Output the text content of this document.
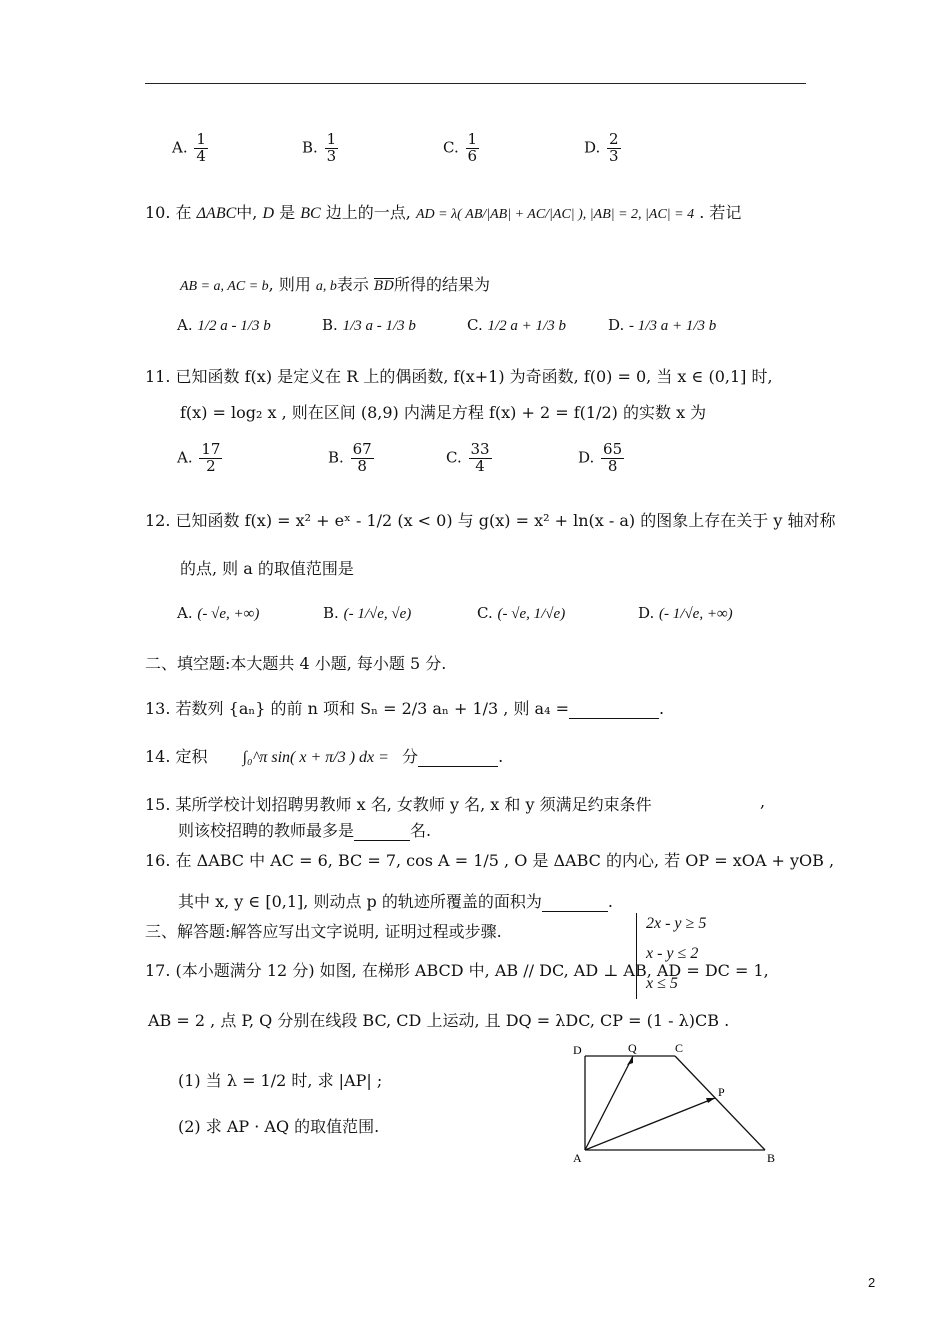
A. $\frac{1}{4}$	B. $\frac{1}{3}$	C. $\frac{1}{6}$	D. $\frac{2}{3}$
10. 在 ΔABC中, D 是 BC 边上的一点, AD = λ( AB/|AB| + AC/|AC| ), |AB| = 2, |AC| = 4 . 若记
AB = a, AC = b, 则用 a, b表示 BD所得的结果为
A. 1/2 a - 1/3 b	B. 1/3 a - 1/3 b	C. 1/2 a + 1/3 b	D. - 1/3 a + 1/3 b
11. 已知函数 f(x) 是定义在 R 上的偶函数, f(x+1) 为奇函数, f(0) = 0, 当 x ∈ (0,1] 时,
f(x) = log₂ x , 则在区间 (8,9) 内满足方程 f(x) + 2 = f(1/2) 的实数 x 为
A. $\frac{17}{2}$	B. $\frac{67}{8}$	C. $\frac{33}{4}$	D. $\frac{65}{8}$
12. 已知函数 f(x) = x² + eˣ - 1/2 (x < 0) 与 g(x) = x² + ln(x - a) 的图象上存在关于 y 轴对称
的点, 则 a 的取值范围是
A. (- √e, +∞)	B. (- 1/√e, √e)	C. (- √e, 1/√e)	D. (- 1/√e, +∞)
二、填空题:本大题共 4 小题, 每小题 5 分.
13. 若数列 {aₙ} 的前 n 项和 Sₙ = 2/3 aₙ + 1/3 , 则 a₄ =	.
14. 定积 ∫₀^π sin( x + π/3 ) dx = 分	.
15. 某所学校计划招聘男教师 x 名, 女教师 y 名, x 和 y 须满足约束条件	,
则该校招聘的教师最多是	名.
16. 在 ΔABC 中 AC = 6, BC = 7, cos A = 1/5 , O 是 ΔABC 的内心, 若 OP = xOA + yOB ,
其中 x, y ∈ [0,1], 则动点 p 的轨迹所覆盖的面积为	.
三、解答题:解答应写出文字说明, 证明过程或步骤.	2x - y ≥ 5
x - y ≤ 2
x ≤ 5
17. (本小题满分 12 分) 如图, 在梯形 ABCD 中, AB // DC, AD ⊥ AB, AD = DC = 1,
AB = 2 , 点 P, Q 分别在线段 BC, CD 上运动, 且 DQ = λDC, CP = (1 - λ)CB .
(1) 当 λ = 1/2 时, 求 |AP| ;
(2) 求 AP · AQ 的取值范围.
D	Q	C
P
A	B
2
